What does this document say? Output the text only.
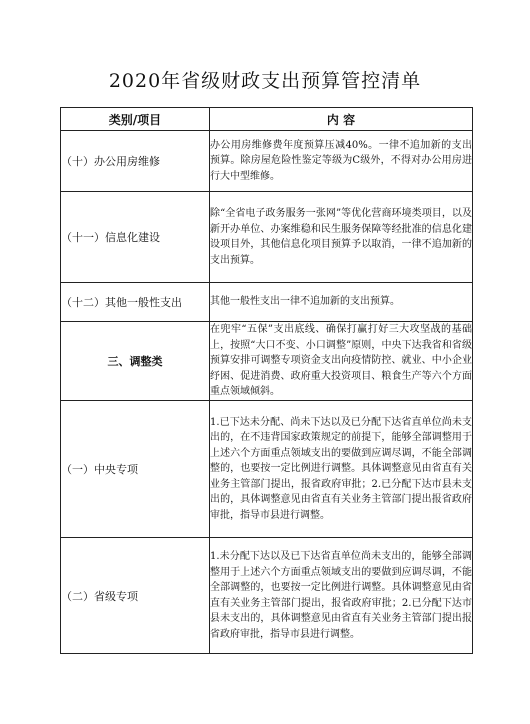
2020年省级财政支出预算管控清单
类别/项目	内 容
（十）办公用房维修	办公用房维修费年度预算压减40%。一律不追加新的支出预算。除房屋危险性鉴定等级为C级外，不得对办公用房进行大中型维修。

（十一）信息化建设	除“全省电子政务服务一张网”等优化营商环境类项目，以及新开办单位、办案维稳和民生服务保障等经批准的信息化建设项目外，其他信息化项目预算予以取消，一律不追加新的支出预算。

（十二）其他一般性支出	其他一般性支出一律不追加新的支出预算。

三、调整类	在兜牢“五保”支出底线、确保打赢打好三大攻坚战的基础上，按照“大口不变、小口调整”原则，中央下达我省和省级预算安排可调整专项资金支出向疫情防控、就业、中小企业纾困、促进消费、政府重大投资项目、粮食生产等六个方面重点领域倾斜。

（一）中央专项	1.已下达未分配、尚未下达以及已分配下达省直单位尚未支出的，在不违背国家政策规定的前提下，能够全部调整用于上述六个方面重点领域支出的要做到应调尽调，不能全部调整的，也要按一定比例进行调整。具体调整意见由省直有关业务主管部门提出，报省政府审批；2.已分配下达市县未支出的，具体调整意见由省直有关业务主管部门提出报省政府审批，指导市县进行调整。

（二）省级专项	1.未分配下达以及已下达省直单位尚未支出的，能够全部调整用于上述六个方面重点领域支出的要做到应调尽调，不能全部调整的，也要按一定比例进行调整。具体调整意见由省直有关业务主管部门提出，报省政府审批；2.已分配下达市县未支出的，具体调整意见由省直有关业务主管部门提出报省政府审批，指导市县进行调整。
